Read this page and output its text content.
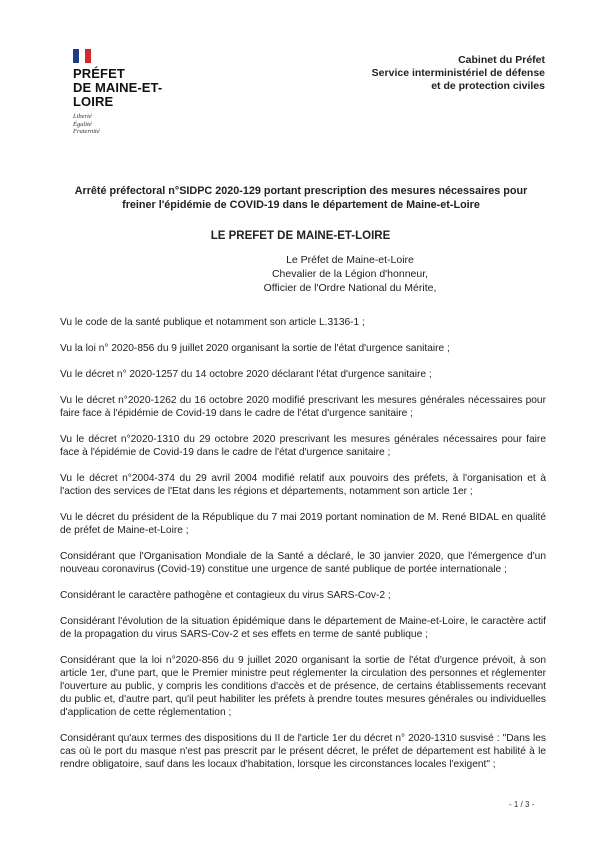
PRÉFET
DE MAINE-ET-LOIRE
Liberté
Égalité
Fraternité
Cabinet du Préfet
Service interministériel de défense
et de protection civiles
Arrêté préfectoral n°SIDPC 2020-129 portant prescription des mesures nécessaires pour freiner l'épidémie de COVID-19 dans le département de Maine-et-Loire
LE PREFET DE MAINE-ET-LOIRE
Le Préfet de Maine-et-Loire
Chevalier de la Légion d'honneur,
Officier de l'Ordre National du Mérite,

Vu le code de la santé publique et notamment son article L.3136-1 ;

Vu la loi n° 2020-856 du 9 juillet 2020 organisant la sortie de l'état d'urgence sanitaire ;

Vu le décret n° 2020-1257 du 14 octobre 2020 déclarant l'état d'urgence sanitaire ;

Vu le décret n°2020-1262 du 16 octobre 2020 modifié prescrivant les mesures générales nécessaires pour faire face à l'épidémie de Covid-19 dans le cadre de l'état d'urgence sanitaire ;

Vu le décret n°2020-1310 du 29 octobre 2020 prescrivant les mesures générales nécessaires pour faire face à l'épidémie de Covid-19 dans le cadre de l'état d'urgence sanitaire ;

Vu le décret n°2004-374 du 29 avril 2004 modifié relatif aux pouvoirs des préfets, à l'organisation et à l'action des services de l'Etat dans les régions et départements, notamment son article 1er ;

Vu le décret du président de la République du 7 mai 2019 portant nomination de M. René BIDAL en qualité de préfet de Maine-et-Loire ;

Considérant que l'Organisation Mondiale de la Santé a déclaré, le 30 janvier 2020, que l'émergence d'un nouveau coronavirus (Covid-19) constitue une urgence de santé publique de portée internationale ;

Considérant le caractère pathogène et contagieux du virus SARS-Cov-2 ;

Considérant l'évolution de la situation épidémique dans le département de Maine-et-Loire, le caractère actif de la propagation du virus SARS-Cov-2 et ses effets en terme de santé publique ;

Considérant que la loi n°2020-856 du 9 juillet 2020 organisant la sortie de l'état d'urgence prévoit, à son article 1er, d'une part, que le Premier ministre peut réglementer la circulation des personnes et réglementer l'ouverture au public, y compris les conditions d'accès et de présence, de certains établissements recevant du public et, d'autre part, qu'il peut habiliter les préfets à prendre toutes mesures générales ou individuelles d'application de cette réglementation ;

Considérant qu'aux termes des dispositions du II de l'article 1er du décret n° 2020-1310 susvisé : "Dans les cas où le port du masque n'est pas prescrit par le présent décret, le préfet de département est habilité à le rendre obligatoire, sauf dans les locaux d'habitation, lorsque les circonstances locales l'exigent" ;

- 1 / 3 -
